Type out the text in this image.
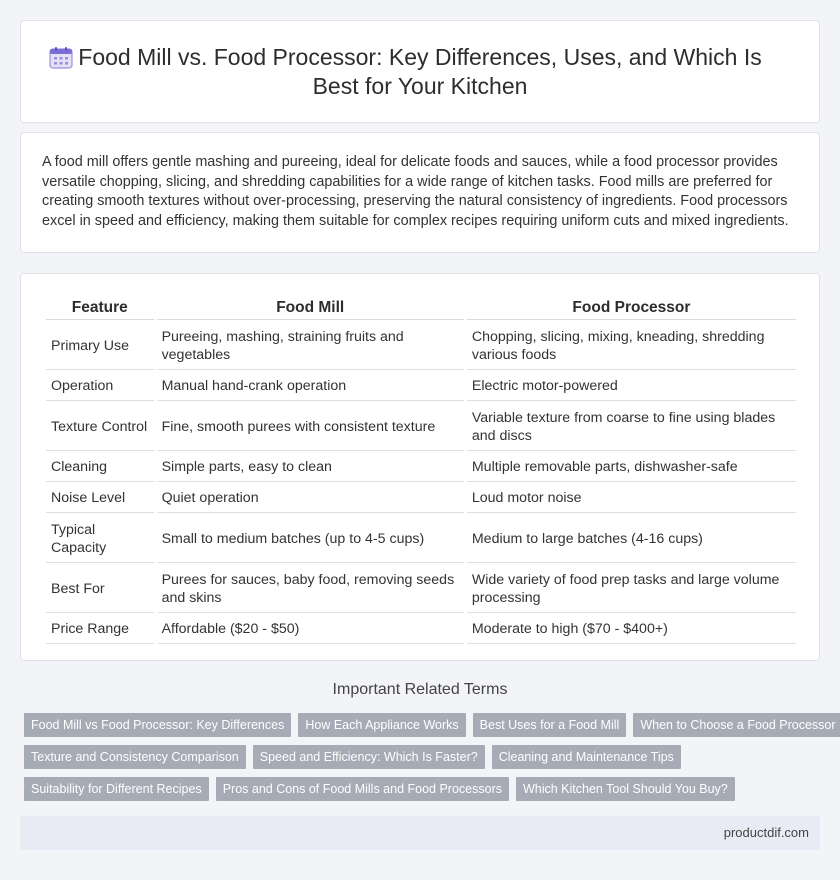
Food Mill vs. Food Processor: Key Differences, Uses, and Which Is Best for Your Kitchen

A food mill offers gentle mashing and pureeing, ideal for delicate foods and sauces, while a food processor provides versatile chopping, slicing, and shredding capabilities for a wide range of kitchen tasks. Food mills are preferred for creating smooth textures without over-processing, preserving the natural consistency of ingredients. Food processors excel in speed and efficiency, making them suitable for complex recipes requiring uniform cuts and mixed ingredients.

Feature	Food Mill	Food Processor
Primary Use	Pureeing, mashing, straining fruits and vegetables	Chopping, slicing, mixing, kneading, shredding various foods
Operation	Manual hand-crank operation	Electric motor-powered
Texture Control	Fine, smooth purees with consistent texture	Variable texture from coarse to fine using blades and discs
Cleaning	Simple parts, easy to clean	Multiple removable parts, dishwasher-safe
Noise Level	Quiet operation	Loud motor noise
Typical Capacity	Small to medium batches (up to 4-5 cups)	Medium to large batches (4-16 cups)
Best For	Purees for sauces, baby food, removing seeds and skins	Wide variety of food prep tasks and large volume processing
Price Range	Affordable ($20 - $50)	Moderate to high ($70 - $400+)
Important Related Terms
Food Mill vs Food Processor: Key Differences	How Each Appliance Works	Best Uses for a Food Mill	When to Choose a Food Processor
Texture and Consistency Comparison	Speed and Efficiency: Which Is Faster?	Cleaning and Maintenance Tips
Suitability for Different Recipes	Pros and Cons of Food Mills and Food Processors	Which Kitchen Tool Should You Buy?
productdif.com
